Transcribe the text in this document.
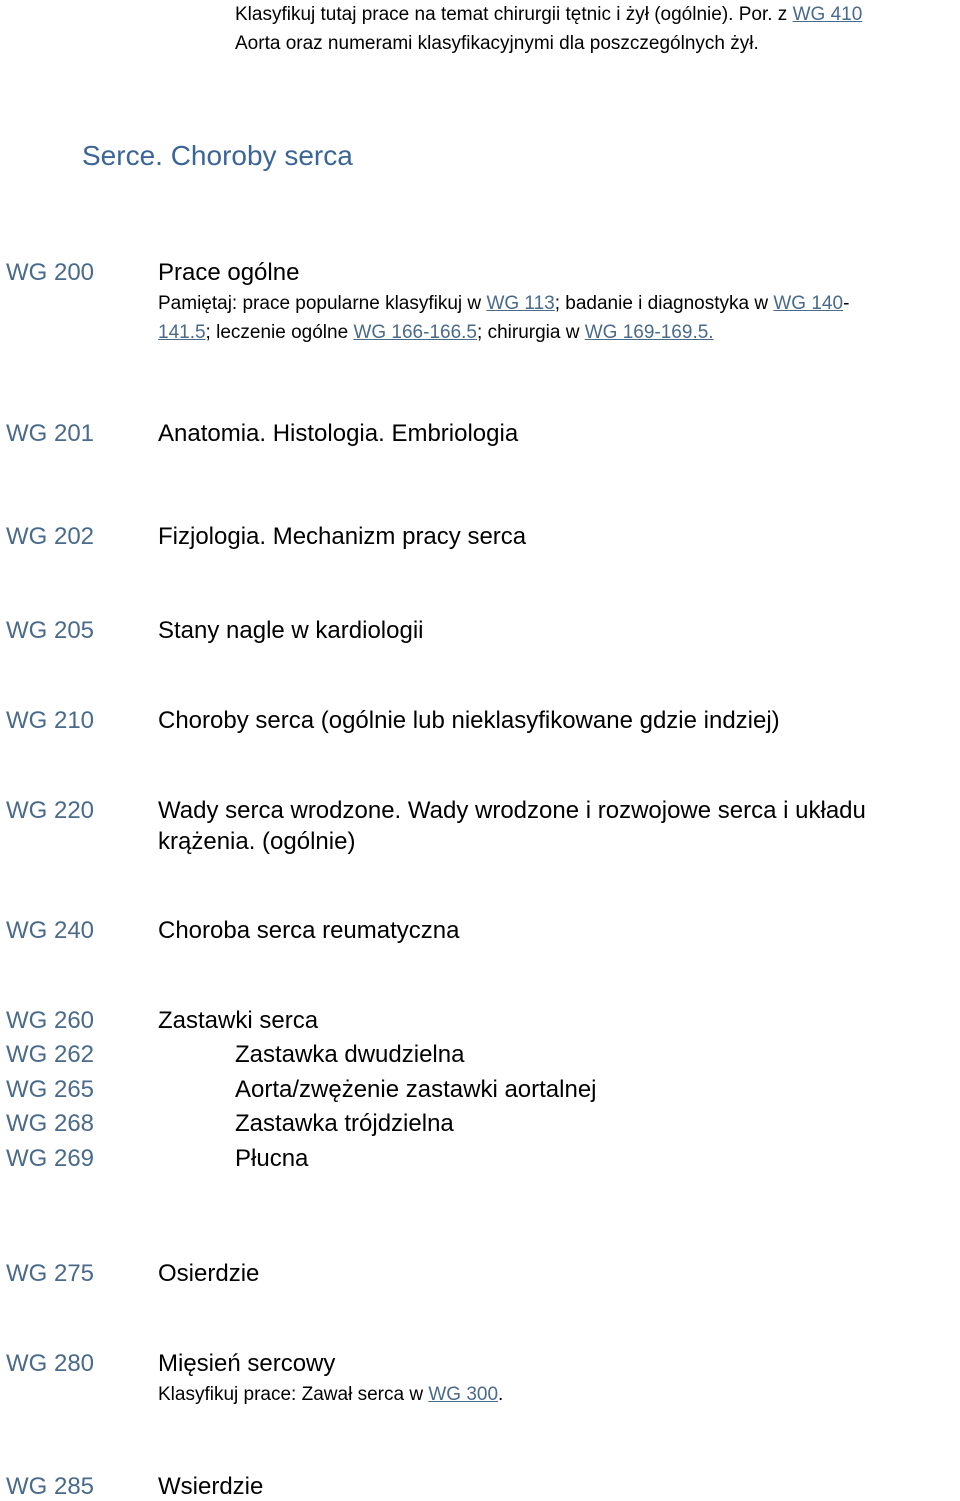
Klasyfikuj tutaj prace na temat chirurgii tętnic i żył (ogólnie). Por. z WG 410
Aorta oraz numerami klasyfikacyjnymi dla poszczególnych żył.
Serce. Choroby serca
WG 200	Prace ogólne
Pamiętaj: prace popularne klasyfikuj w WG 113; badanie i diagnostyka w WG 140-
141.5; leczenie ogólne WG 166-166.5; chirurgia w WG 169-169.5.
WG 201	Anatomia. Histologia. Embriologia
WG 202	Fizjologia. Mechanizm pracy serca
WG 205	Stany nagle w kardiologii
WG 210	Choroby serca (ogólnie lub nieklasyfikowane gdzie indziej)
WG 220	Wady serca wrodzone. Wady wrodzone i rozwojowe serca i układu
krążenia. (ogólnie)
WG 240	Choroba serca reumatyczna
WG 260	Zastawki serca
WG 262	Zastawka dwudzielna
WG 265	Aorta/zwężenie zastawki aortalnej
WG 268	Zastawka trójdzielna
WG 269	Płucna
WG 275	Osierdzie
WG 280	Mięsień sercowy
Klasyfikuj prace: Zawał serca w WG 300.
WG 285	Wsierdzie
